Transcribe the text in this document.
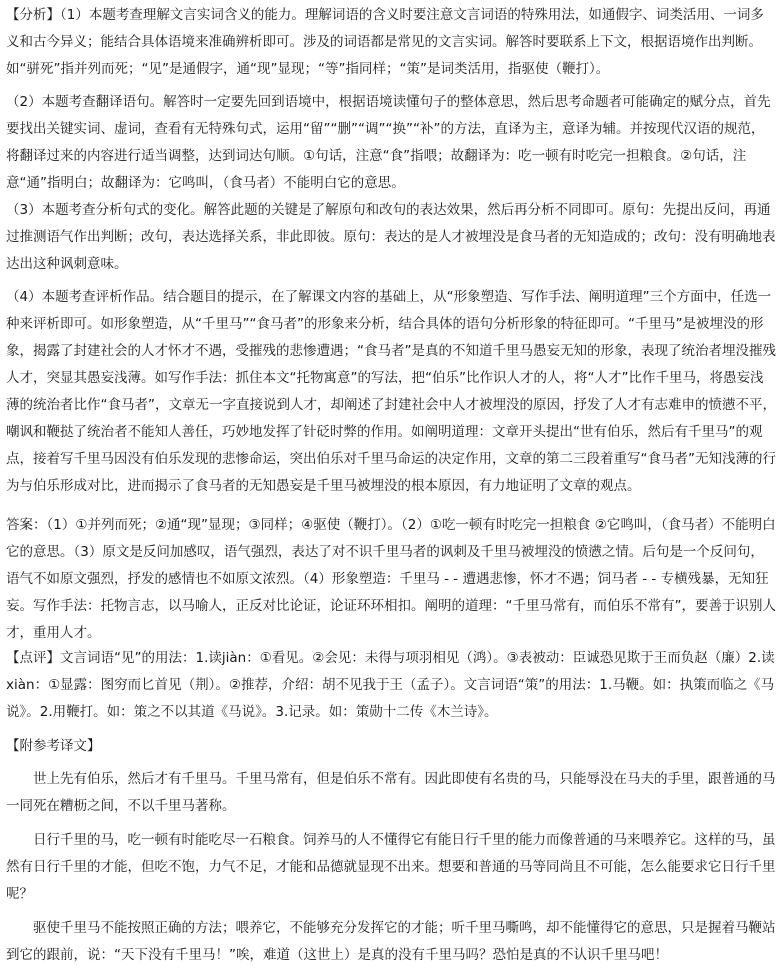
【分析】（1）本题考查理解文言实词含义的能力。理解词语的含义时要注意文言词语的特殊用法，如通假字、词类活用、一词多义和古今异义；能结合具体语境来准确辨析即可。涉及的词语都是常见的文言实词。解答时要联系上下文，根据语境作出判断。如“骈死”指并列而死；“见”是通假字，通“现”显现；“等”指同样；“策”是词类活用，指驱使（鞭打）。

（2）本题考查翻译语句。解答时一定要先回到语境中，根据语境读懂句子的整体意思，然后思考命题者可能确定的赋分点，首先要找出关键实词、虚词，查看有无特殊句式，运用“留”“删”“调”“换”“补”的方法，直译为主，意译为辅。并按现代汉语的规范，将翻译过来的内容进行适当调整，达到词达句顺。①句话，注意“食”指喂；故翻译为：吃一顿有时吃完一担粮食。②句话，注意“通”指明白；故翻译为：它鸣叫，（食马者）不能明白它的意思。

（3）本题考查分析句式的变化。解答此题的关键是了解原句和改句的表达效果，然后再分析不同即可。原句：先提出反问，再通过推测语气作出判断；改句，表达选择关系，非此即彼。原句：表达的是人才被埋没是食马者的无知造成的；改句：没有明确地表达出这种讽刺意味。

（4）本题考查评析作品。结合题目的提示，在了解课文内容的基础上，从“形象塑造、写作手法、阐明道理”三个方面中，任选一种来评析即可。如形象塑造，从“千里马”“食马者”的形象来分析，结合具体的语句分析形象的特征即可。“千里马”是被埋没的形象，揭露了封建社会的人才怀才不遇，受摧残的悲惨遭遇；“食马者”是真的不知道千里马愚妄无知的形象，表现了统治者埋没摧残人才，突显其愚妄浅薄。如写作手法：抓住本文“托物寓意”的写法，把“伯乐”比作识人才的人，将“人才”比作千里马，将愚妄浅薄的统治者比作“食马者”，文章无一字直接说到人才，却阐述了封建社会中人才被埋没的原因，抒发了人才有志难申的愤懑不平，嘲讽和鞭挞了统治者不能知人善任，巧妙地发挥了针砭时弊的作用。如阐明道理：文章开头提出“世有伯乐，然后有千里马”的观点，接着写千里马因没有伯乐发现的悲惨命运，突出伯乐对千里马命运的决定作用，文章的第二三段着重写“食马者”无知浅薄的行为与伯乐形成对比，进而揭示了食马者的无知愚妄是千里马被埋没的根本原因，有力地证明了文章的观点。

答案：（1）①并列而死；②通“现”显现；③同样；④驱使（鞭打）。（2）①吃一顿有时吃完一担粮食 ②它鸣叫，（食马者）不能明白它的意思。（3）原文是反问加感叹，语气强烈，表达了对不识千里马者的讽刺及千里马被埋没的愤懑之情。后句是一个反问句，语气不如原文强烈，抒发的感情也不如原文浓烈。（4）形象塑造：千里马 - - 遭遇悲惨，怀才不遇；饲马者 - - 专横残暴，无知狂妄。写作手法：托物言志，以马喻人，正反对比论证，论证环环相扣。阐明的道理：“千里马常有，而伯乐不常有”，要善于识别人才，重用人才。

【点评】文言词语“见”的用法：1.读jiàn：①看见。②会见：未得与项羽相见（鸿）。③表被动：臣诚恐见欺于王而负赵（廉）2.读xiàn：①显露：图穷而匕首见（荆）。②推荐，介绍：胡不见我于王（孟子）。文言词语“策”的用法：1.马鞭。如：执策而临之《马说》。2.用鞭打。如：策之不以其道《马说》。3.记录。如：策勋十二传《木兰诗》。

【附参考译文】

世上先有伯乐，然后才有千里马。千里马常有，但是伯乐不常有。因此即使有名贵的马，只能辱没在马夫的手里，跟普通的马一同死在糟枥之间，不以千里马著称。

日行千里的马，吃一顿有时能吃尽一石粮食。饲养马的人不懂得它有能日行千里的能力而像普通的马来喂养它。这样的马，虽然有日行千里的才能，但吃不饱，力气不足，才能和品德就显现不出来。想要和普通的马等同尚且不可能，怎么能要求它日行千里呢？

驱使千里马不能按照正确的方法；喂养它，不能够充分发挥它的才能；听千里马嘶鸣，却不能懂得它的意思，只是握着马鞭站到它的跟前，说：“天下没有千里马！”唉，难道（这世上）是真的没有千里马吗？恐怕是真的不认识千里马吧！
